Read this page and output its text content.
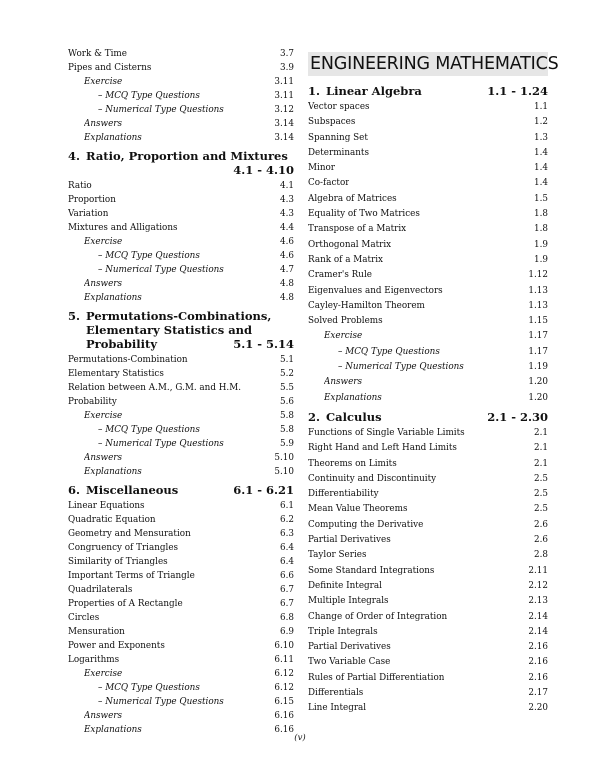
Work & Time	3.7
Pipes and Cisterns	3.9
Exercise	3.11
– MCQ Type Questions	3.11
– Numerical Type Questions	3.12
Answers	3.14
Explanations	3.14
4. Ratio, Proportion and Mixtures
4.1 - 4.10
Ratio	4.1
Proportion	4.3
Variation	4.3
Mixtures and Alligations	4.4
Exercise	4.6
– MCQ Type Questions	4.6
– Numerical Type Questions	4.7
Answers	4.8
Explanations	4.8
5. Permutations-Combinations,
Elementary Statistics and
Probability	5.1 - 5.14
Permutations-Combination	5.1
Elementary Statistics	5.2
Relation between A.M., G.M. and H.M.	5.5
Probability	5.6
Exercise	5.8
– MCQ Type Questions	5.8
– Numerical Type Questions	5.9
Answers	5.10
Explanations	5.10
6. Miscellaneous	6.1 - 6.21
Linear Equations	6.1
Quadratic Equation	6.2
Geometry and Mensuration	6.3
Congruency of Triangles	6.4
Similarity of Triangles	6.4
Important Terms of Triangle	6.6
Quadrilaterals	6.7
Properties of A Rectangle	6.7
Circles	6.8
Mensuration	6.9
Power and Exponents	6.10
Logarithms	6.11
Exercise	6.12
– MCQ Type Questions	6.12
– Numerical Type Questions	6.15
Answers	6.16
Explanations	6.16
ENGINEERING MATHEMATICS
1. Linear Algebra	1.1 - 1.24
Vector spaces	1.1
Subspaces	1.2
Spanning Set	1.3
Determinants	1.4
Minor	1.4
Co-factor	1.4
Algebra of Matrices	1.5
Equality of Two Matrices	1.8
Transpose of a Matrix	1.8
Orthogonal Matrix	1.9
Rank of a Matrix	1.9
Cramer's Rule	1.12
Eigenvalues and Eigenvectors	1.13
Cayley-Hamilton Theorem	1.13
Solved Problems	1.15
Exercise	1.17
– MCQ Type Questions	1.17
– Numerical Type Questions	1.19
Answers	1.20
Explanations	1.20
2. Calculus	2.1 - 2.30
Functions of Single Variable Limits	2.1
Right Hand and Left Hand Limits	2.1
Theorems on Limits	2.1
Continuity and Discontinuity	2.5
Differentiability	2.5
Mean Value Theorems	2.5
Computing the Derivative	2.6
Partial Derivatives	2.6
Taylor Series	2.8
Some Standard Integrations	2.11
Definite Integral	2.12
Multiple Integrals	2.13
Change of Order of Integration	2.14
Triple Integrals	2.14
Partial Derivatives	2.16
Two Variable Case	2.16
Rules of Partial Differentiation	2.16
Differentials	2.17
Line Integral	2.20
(v)
